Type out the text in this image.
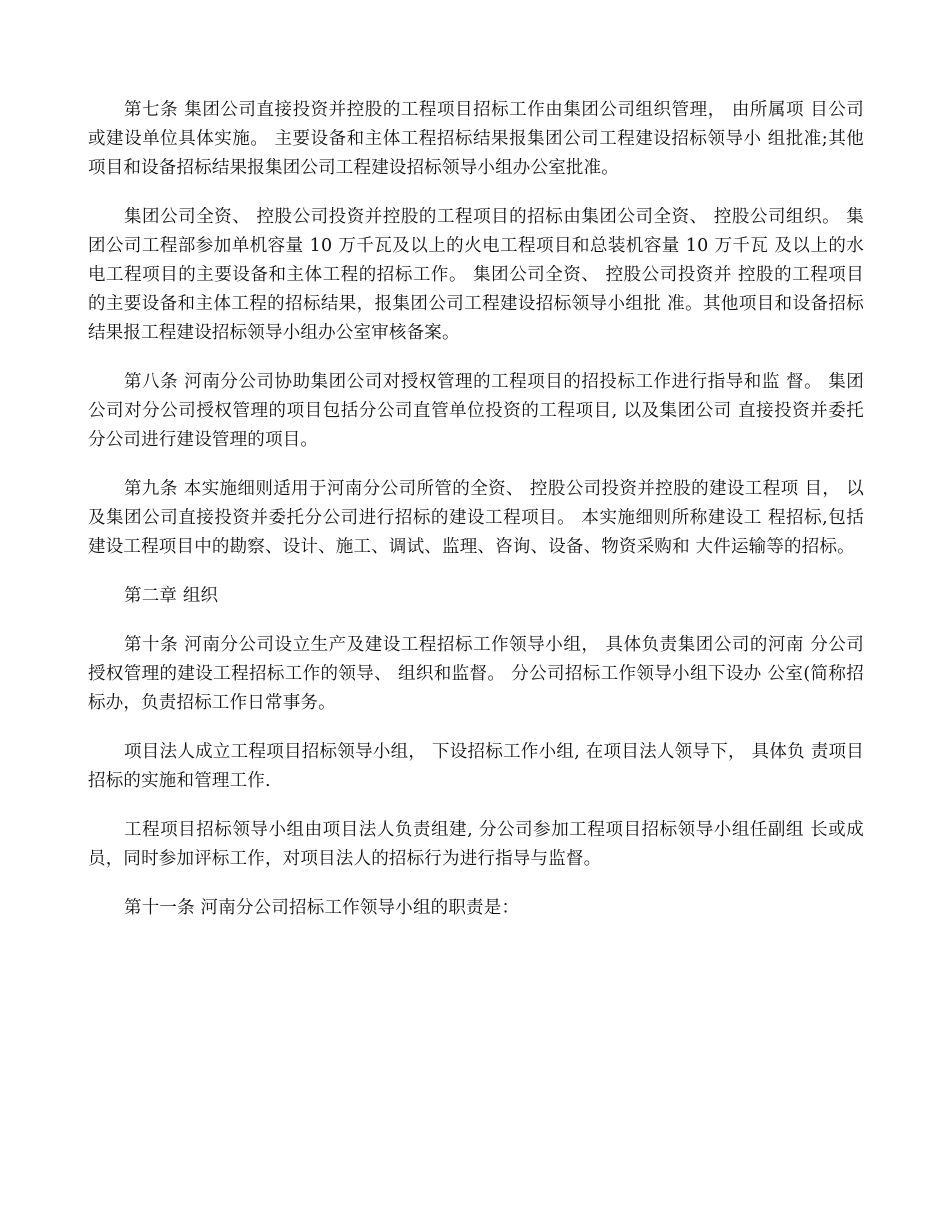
第七条 集团公司直接投资并控股的工程项目招标工作由集团公司组织管理， 由所属项 目公司或建设单位具体实施。 主要设备和主体工程招标结果报集团公司工程建设招标领导小 组批准;其他项目和设备招标结果报集团公司工程建设招标领导小组办公室批准。

集团公司全资、 控股公司投资并控股的工程项目的招标由集团公司全资、 控股公司组织。 集团公司工程部参加单机容量 10 万千瓦及以上的火电工程项目和总装机容量 10 万千瓦 及以上的水电工程项目的主要设备和主体工程的招标工作。 集团公司全资、 控股公司投资并 控股的工程项目的主要设备和主体工程的招标结果，报集团公司工程建设招标领导小组批 准。其他项目和设备招标结果报工程建设招标领导小组办公室审核备案。

第八条 河南分公司协助集团公司对授权管理的工程项目的招投标工作进行指导和监 督。 集团公司对分公司授权管理的项目包括分公司直管单位投资的工程项目, 以及集团公司 直接投资并委托分公司进行建设管理的项目。

第九条 本实施细则适用于河南分公司所管的全资、 控股公司投资并控股的建设工程项 目， 以及集团公司直接投资并委托分公司进行招标的建设工程项目。 本实施细则所称建设工 程招标,包括建设工程项目中的勘察、设计、施工、调试、监理、咨询、设备、物资采购和 大件运输等的招标。

第二章 组织

第十条 河南分公司设立生产及建设工程招标工作领导小组， 具体负责集团公司的河南 分公司授权管理的建设工程招标工作的领导、 组织和监督。 分公司招标工作领导小组下设办 公室(简称招标办，负责招标工作日常事务。

项目法人成立工程项目招标领导小组， 下设招标工作小组, 在项目法人领导下， 具体负 责项目招标的实施和管理工作.

工程项目招标领导小组由项目法人负责组建, 分公司参加工程项目招标领导小组任副组 长或成员，同时参加评标工作，对项目法人的招标行为进行指导与监督。

第十一条 河南分公司招标工作领导小组的职责是：
